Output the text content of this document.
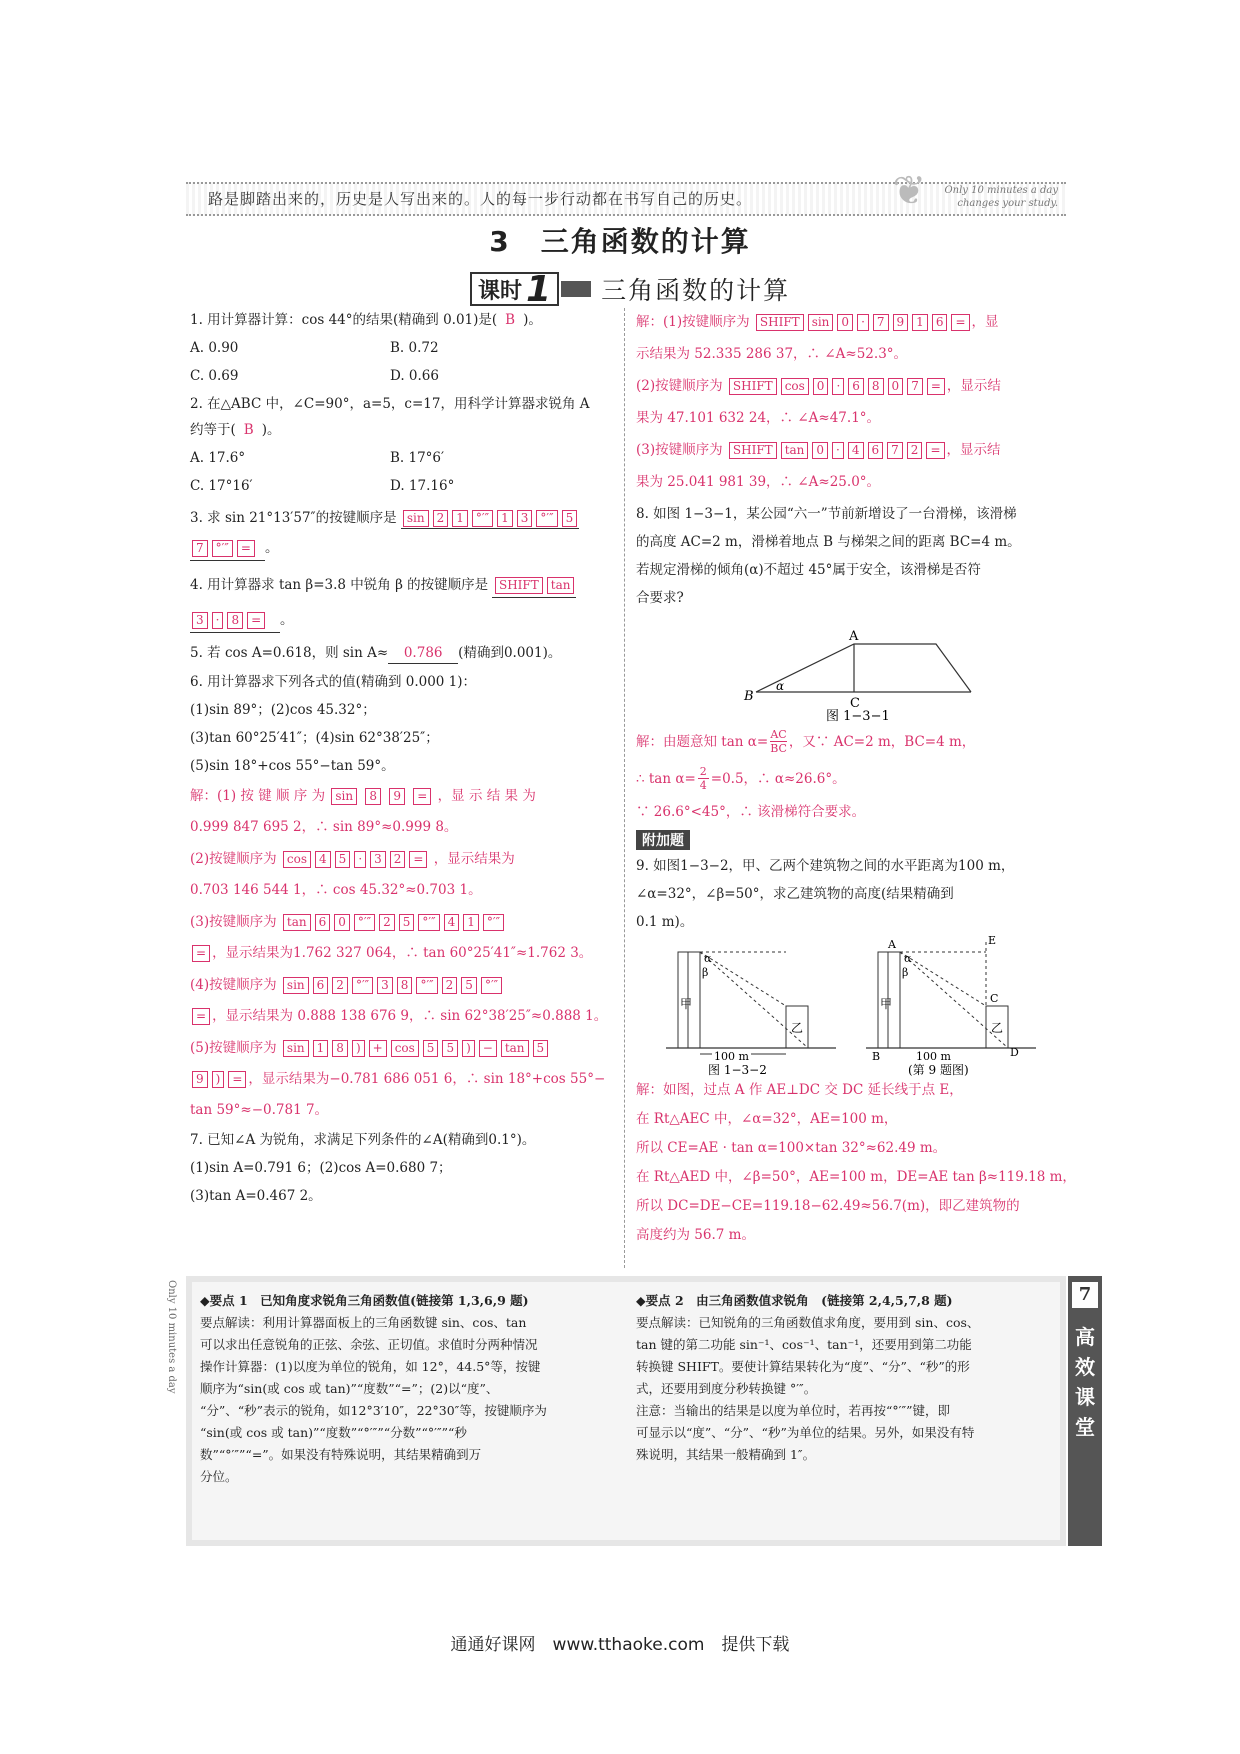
路是脚踏出来的，历史是人写出来的。人的每一步行动都在书写自己的历史。	❦	Only 10 minutes a day changes your study.
3　三角函数的计算
课时 1 三角函数的计算
1. 用计算器计算：cos 44°的结果(精确到 0.01)是( B )。
A. 0.90	B. 0.72
C. 0.69	D. 0.66
2. 在△ABC 中，∠C=90°，a=5，c=17，用科学计算器求锐角 A
约等于( B )。
A. 17.6°	B. 17°6′
C. 17°16′	D. 17.16°
3. 求 sin 21°13′57″的按键顺序是 sin 2 1 °′″ 1 3 °′″ 5
7 °′″ = 。
4. 用计算器求 tan β=3.8 中锐角 β 的按键顺序是 SHIFT tan
3 · 8 = 。
5. 若 cos A=0.618，则 sin A≈ 0.786 (精确到0.001)。
6. 用计算器求下列各式的值(精确到 0.000 1)：
(1)sin 89°；(2)cos 45.32°；
(3)tan 60°25′41″；(4)sin 62°38′25″；
(5)sin 18°+cos 55°−tan 59°。
解：(1) 按 键 顺 序 为 sin 8 9 = ，显 示 结 果 为
0.999 847 695 2，∴ sin 89°≈0.999 8。
(2)按键顺序为 cos 4 5 · 3 2 = ，显示结果为
0.703 146 544 1，∴ cos 45.32°≈0.703 1。
(3)按键顺序为 tan 6 0 °′″ 2 5 °′″ 4 1 °′″
= ，显示结果为1.762 327 064，∴ tan 60°25′41″≈1.762 3。
(4)按键顺序为 sin 6 2 °′″ 3 8 °′″ 2 5 °′″
= ，显示结果为 0.888 138 676 9，∴ sin 62°38′25″≈0.888 1。
(5)按键顺序为 sin 1 8 ) + cos 5 5 ) − tan 5
9 ) = ，显示结果为−0.781 686 051 6，∴ sin 18°+cos 55°−
tan 59°≈−0.781 7。
7. 已知∠A 为锐角，求满足下列条件的∠A(精确到0.1°)。
(1)sin A=0.791 6；(2)cos A=0.680 7；
(3)tan A=0.467 2。
解：(1)按键顺序为 SHIFT sin 0 · 7 9 1 6 = ，显
示结果为 52.335 286 37，∴ ∠A≈52.3°。
(2)按键顺序为 SHIFT cos 0 · 6 8 0 7 = ，显示结
果为 47.101 632 24，∴ ∠A≈47.1°。
(3)按键顺序为 SHIFT tan 0 · 4 6 7 2 = ，显示结
果为 25.041 981 39，∴ ∠A≈25.0°。
8. 如图 1−3−1，某公园“六一”节前新增设了一台滑梯，该滑梯
的高度 AC=2 m，滑梯着地点 B 与梯架之间的距离 BC=4 m。
若规定滑梯的倾角(α)不超过 45°属于安全，该滑梯是否符
合要求?
A
B
α
C
图 1−3−1
解：由题意知 $\tan \alpha= \frac{AC}{BC}$ ，又∵ AC=2 m，BC=4 m，
∴ $\tan \alpha= \frac{2}{4} =0.5$，∴ α≈26.6°。
∵ 26.6°<45°，∴ 该滑梯符合要求。
附加题
9. 如图1−3−2，甲、乙两个建筑物之间的水平距离为100 m，
∠α=32°，∠β=50°，求乙建筑物的高度(结果精确到
0.1 m)。
α
β
甲
乙
100 m
图 1−3−2
A	E
C
D
B
α
β
甲
乙
100 m
(第 9 题图)
解：如图，过点 A 作 AE⊥DC 交 DC 延长线于点 E，
在 Rt△AEC 中，∠α=32°，AE=100 m，
所以 CE=AE · tan α=100×tan 32°≈62.49 m。
在 Rt△AED 中，∠β=50°，AE=100 m，DE=AE tan β≈119.18 m，
所以 DC=DE−CE=119.18−62.49≈56.7(m)，即乙建筑物的
高度约为 56.7 m。
Only 10 minutes a day ◆要点 1　已知角度求锐角三角函数值(链接第 1,3,6,9 题)
要点解读：利用计算器面板上的三角函数键 sin、cos、tan
可以求出任意锐角的正弦、余弦、正切值。求值时分两种情况
操作计算器：(1)以度为单位的锐角，如 12°，44.5°等，按键
顺序为“sin(或 cos 或 tan)”“度数”“=”；(2)以“度”、
“分”、“秒”表示的锐角，如12°3′10″，22°30″等，按键顺序为
“sin(或 cos 或 tan)”“度数”“°′″”“分数”“°′″”“秒
数”“°′″”“=”。如果没有特殊说明，其结果精确到万
分位。
◆要点 2　由三角函数值求锐角　(链接第 2,4,5,7,8 题)
要点解读：已知锐角的三角函数值求角度，要用到 sin、cos、
tan 键的第二功能 sin⁻¹、cos⁻¹、tan⁻¹，还要用到第二功能
转换键 SHIFT。要使计算结果转化为“度”、“分”、“秒”的形
式，还要用到度分秒转换键 °′″。
注意：当输出的结果是以度为单位时，若再按“°′″”键，即
可显示以“度”、“分”、“秒”为单位的结果。另外，如果没有特
殊说明，其结果一般精确到 1″。
7
高
效
课
堂
通通好课网　www.tthaoke.com　提供下载
